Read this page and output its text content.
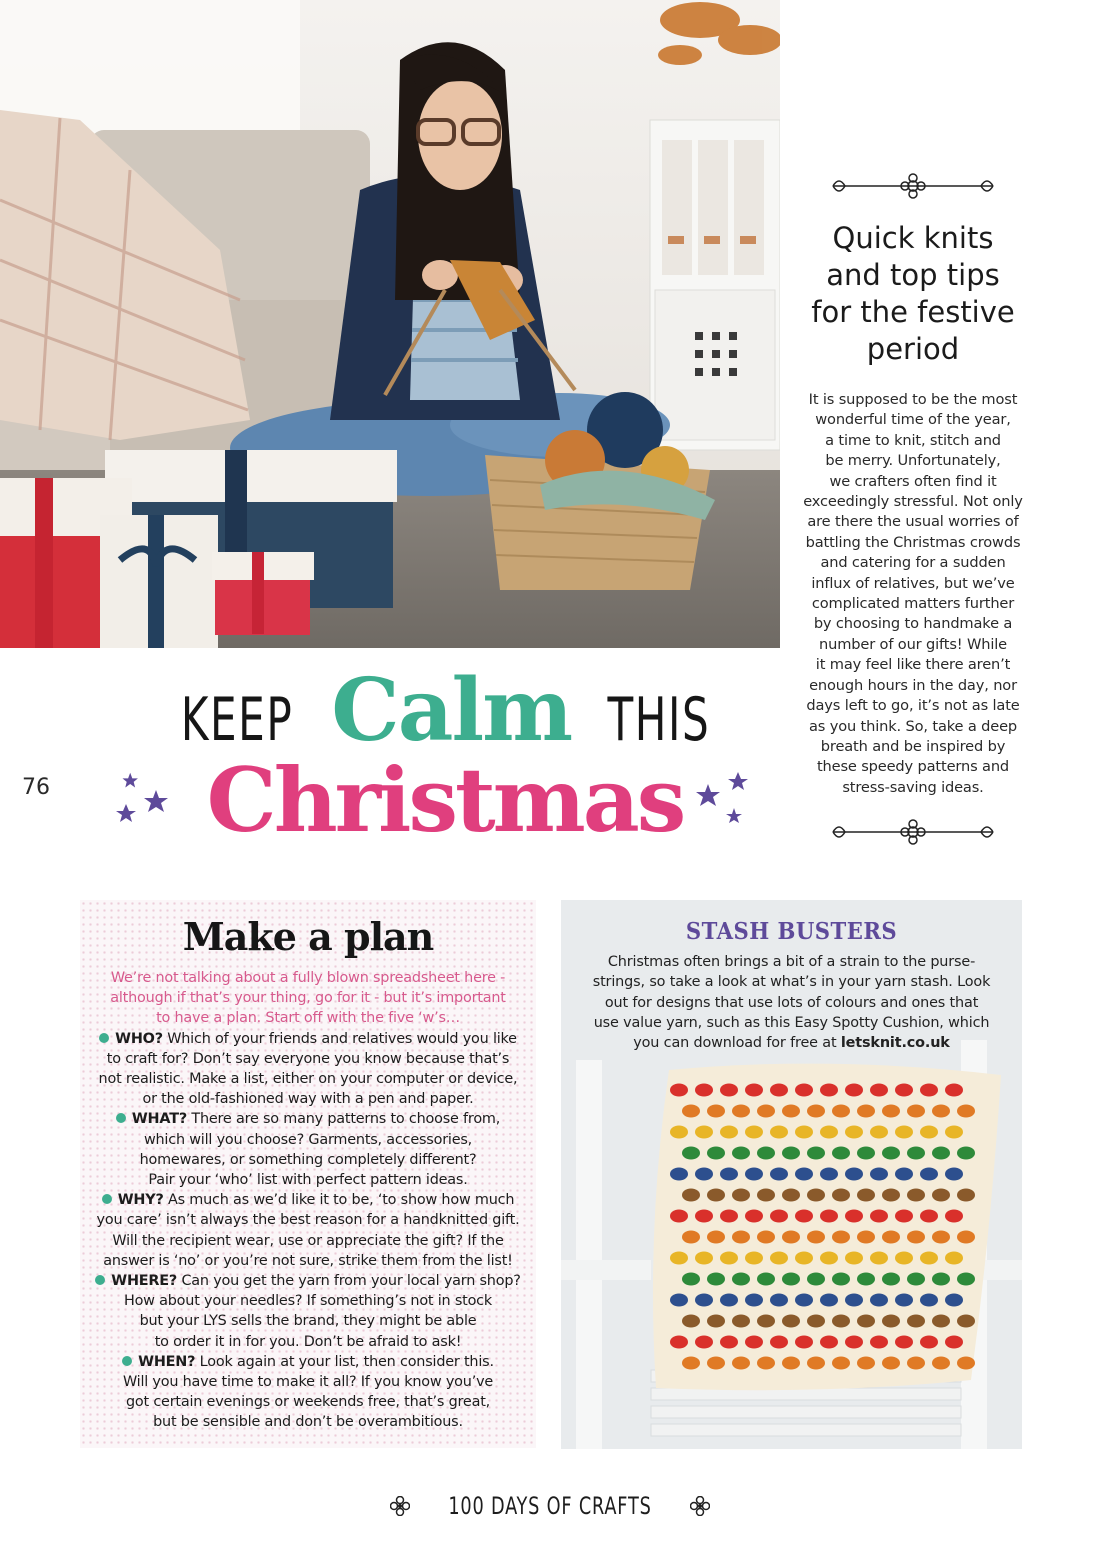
Quick knits
and top tips
for the festive
period
It is supposed to be the most
wonderful time of the year,
a time to knit, stitch and
be merry. Unfortunately,
we crafters often find it
exceedingly stressful. Not only
are there the usual worries of
battling the Christmas crowds
and catering for a sudden
influx of relatives, but we’ve
complicated matters further
by choosing to handmake a
number of our gifts! While
it may feel like there aren’t
enough hours in the day, nor
days left to go, it’s not as late
as you think. So, take a deep
breath and be inspired by
these speedy patterns and
stress-saving ideas.
76
KEEP Calm THIS
Christmas
Make a plan
We’re not talking about a fully blown spreadsheet here -
although if that’s your thing, go for it - but it’s important
to have a plan. Start off with the five ‘w’s…
WHO? Which of your friends and relatives would you like
to craft for? Don’t say everyone you know because that’s
not realistic. Make a list, either on your computer or device,
or the old-fashioned way with a pen and paper.
WHAT? There are so many patterns to choose from,
which will you choose? Garments, accessories,
homewares, or something completely different?
Pair your ‘who’ list with perfect pattern ideas.
WHY? As much as we’d like it to be, ‘to show how much
you care’ isn’t always the best reason for a handknitted gift.
Will the recipient wear, use or appreciate the gift? If the
answer is ‘no’ or you’re not sure, strike them from the list!
WHERE? Can you get the yarn from your local yarn shop?
How about your needles? If something’s not in stock
but your LYS sells the brand, they might be able
to order it in for you. Don’t be afraid to ask!
WHEN? Look again at your list, then consider this.
Will you have time to make it all? If you know you’ve
got certain evenings or weekends free, that’s great,
but be sensible and don’t be overambitious.
STASH BUSTERS
Christmas often brings a bit of a strain to the purse-
strings, so take a look at what’s in your yarn stash. Look
out for designs that use lots of colours and ones that
use value yarn, such as this Easy Spotty Cushion, which
you can download for free at letsknit.co.uk
100 DAYS OF CRAFTS
